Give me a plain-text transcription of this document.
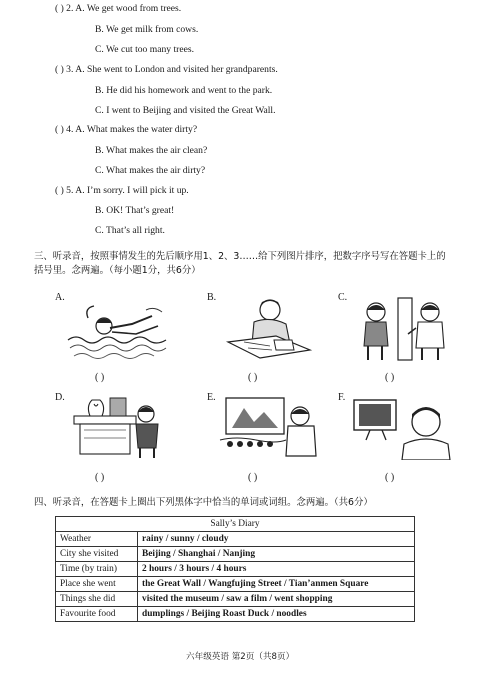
( ) 2. A. We get wood from trees.
B. We get milk from cows.
C. We cut too many trees.
( ) 3. A. She went to London and visited her grandparents.
B. He did his homework and went to the park.
C. I went to Beijing and visited the Great Wall.
( ) 4. A. What makes the water dirty?
B. What makes the air clean?
C. What makes the air dirty?
( ) 5. A. I’m sorry. I will pick it up.
B. OK! That’s great!
C. That’s all right.
三、听录音，按照事情发生的先后顺序用1、2、3……给下列图片排序，把数字序号写在答题卡上的括号里。念两遍。（每小题1分，共6分）
A.	B.	C.
( )	( )	( )
D.	E.	F.
( )	( )	( )
四、听录音，在答题卡上圈出下列黑体字中恰当的单词或词组。念两遍。（共6分）
Sally’s Diary	
Weather	rainy / sunny / cloudy
City she visited	Beijing / Shanghai / Nanjing
Time (by train)	2 hours / 3 hours / 4 hours
Place she went	the Great Wall / Wangfujing Street / Tian’anmen Square
Things she did	visited the museum / saw a film / went shopping
Favourite food	dumplings / Beijing Roast Duck / noodles
六年级英语 第2页（共8页）
